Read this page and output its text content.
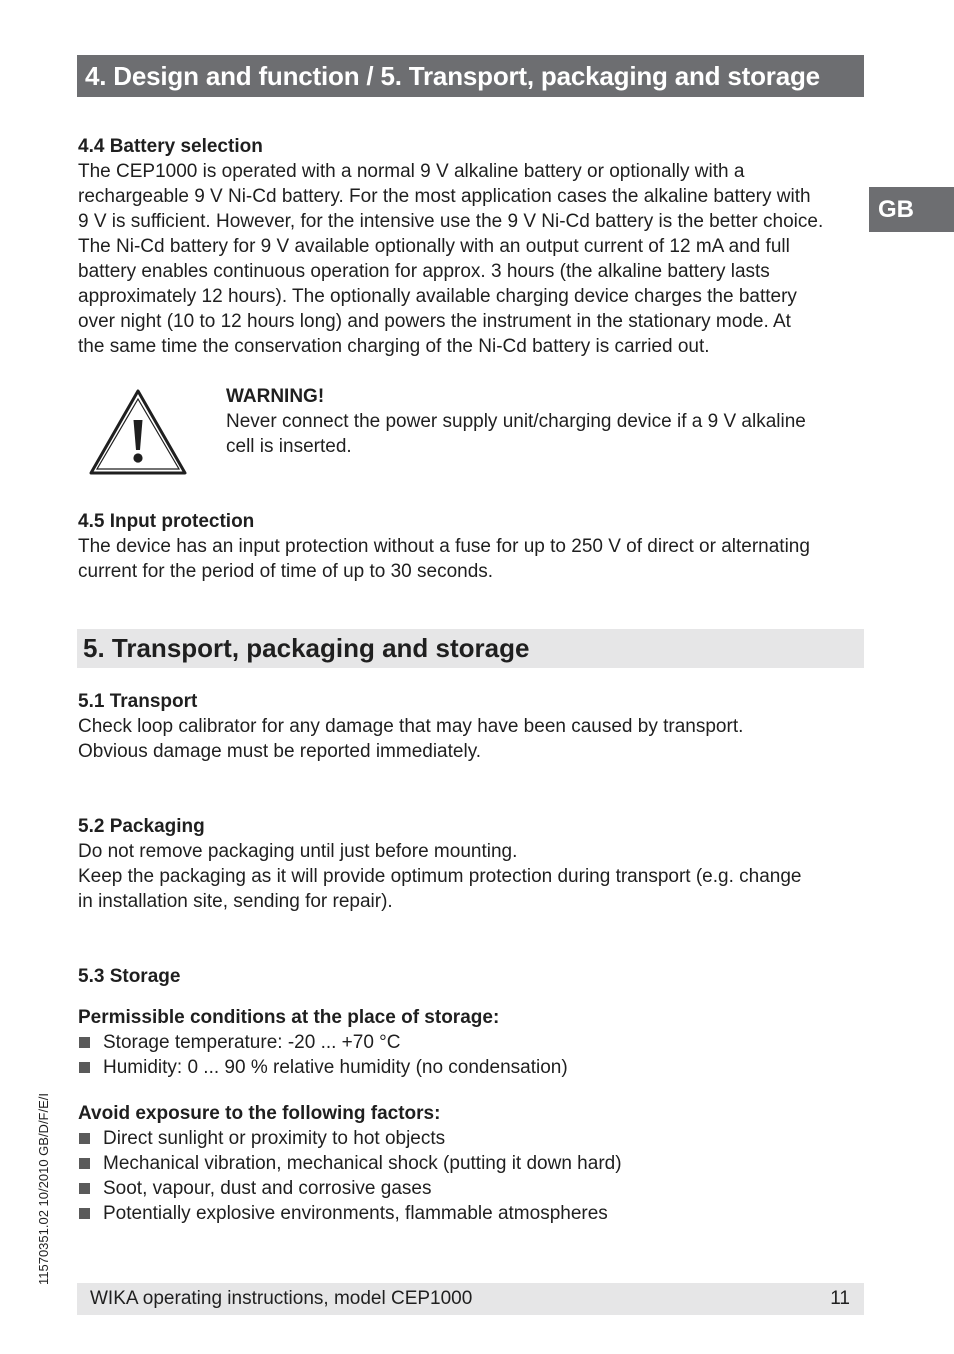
4. Design and function / 5. Transport, packaging and storage
GB
4.4 Battery selection
The CEP1000 is operated with a normal 9 V alkaline battery or optionally with a
rechargeable 9 V Ni-Cd battery. For the most application cases the alkaline battery with
9 V is sufficient. However, for the intensive use the 9 V Ni-Cd battery is the better choice.
The Ni-Cd battery for 9 V available optionally with an output current of 12 mA and full
battery enables continuous operation for approx. 3 hours (the alkaline battery lasts
approximately 12 hours). The optionally available charging device charges the battery
over night (10 to 12 hours long) and powers the instrument in the stationary mode. At
the same time the conservation charging of the Ni-Cd battery is carried out.
WARNING!
Never connect the power supply unit/charging device if a 9 V alkaline
cell is inserted.
4.5 Input protection
The device has an input protection without a fuse for up to 250 V of direct or alternating
current for the period of time of up to 30 seconds.
5. Transport, packaging and storage
5.1 Transport
Check loop calibrator for any damage that may have been caused by transport.
Obvious damage must be reported immediately.
5.2 Packaging
Do not remove packaging until just before mounting.
Keep the packaging as it will provide optimum protection during transport (e.g. change
in installation site, sending for repair).
5.3 Storage
Permissible conditions at the place of storage:
Storage temperature: -20 ... +70 °C
Humidity: 0 ... 90 % relative humidity (no condensation)
Avoid exposure to the following factors:
Direct sunlight or proximity to hot objects
Mechanical vibration, mechanical shock (putting it down hard)
Soot, vapour, dust and corrosive gases
Potentially explosive environments, flammable atmospheres
11570351.02 10/2010 GB/D/F/E/I
WIKA operating instructions, model CEP1000	11
